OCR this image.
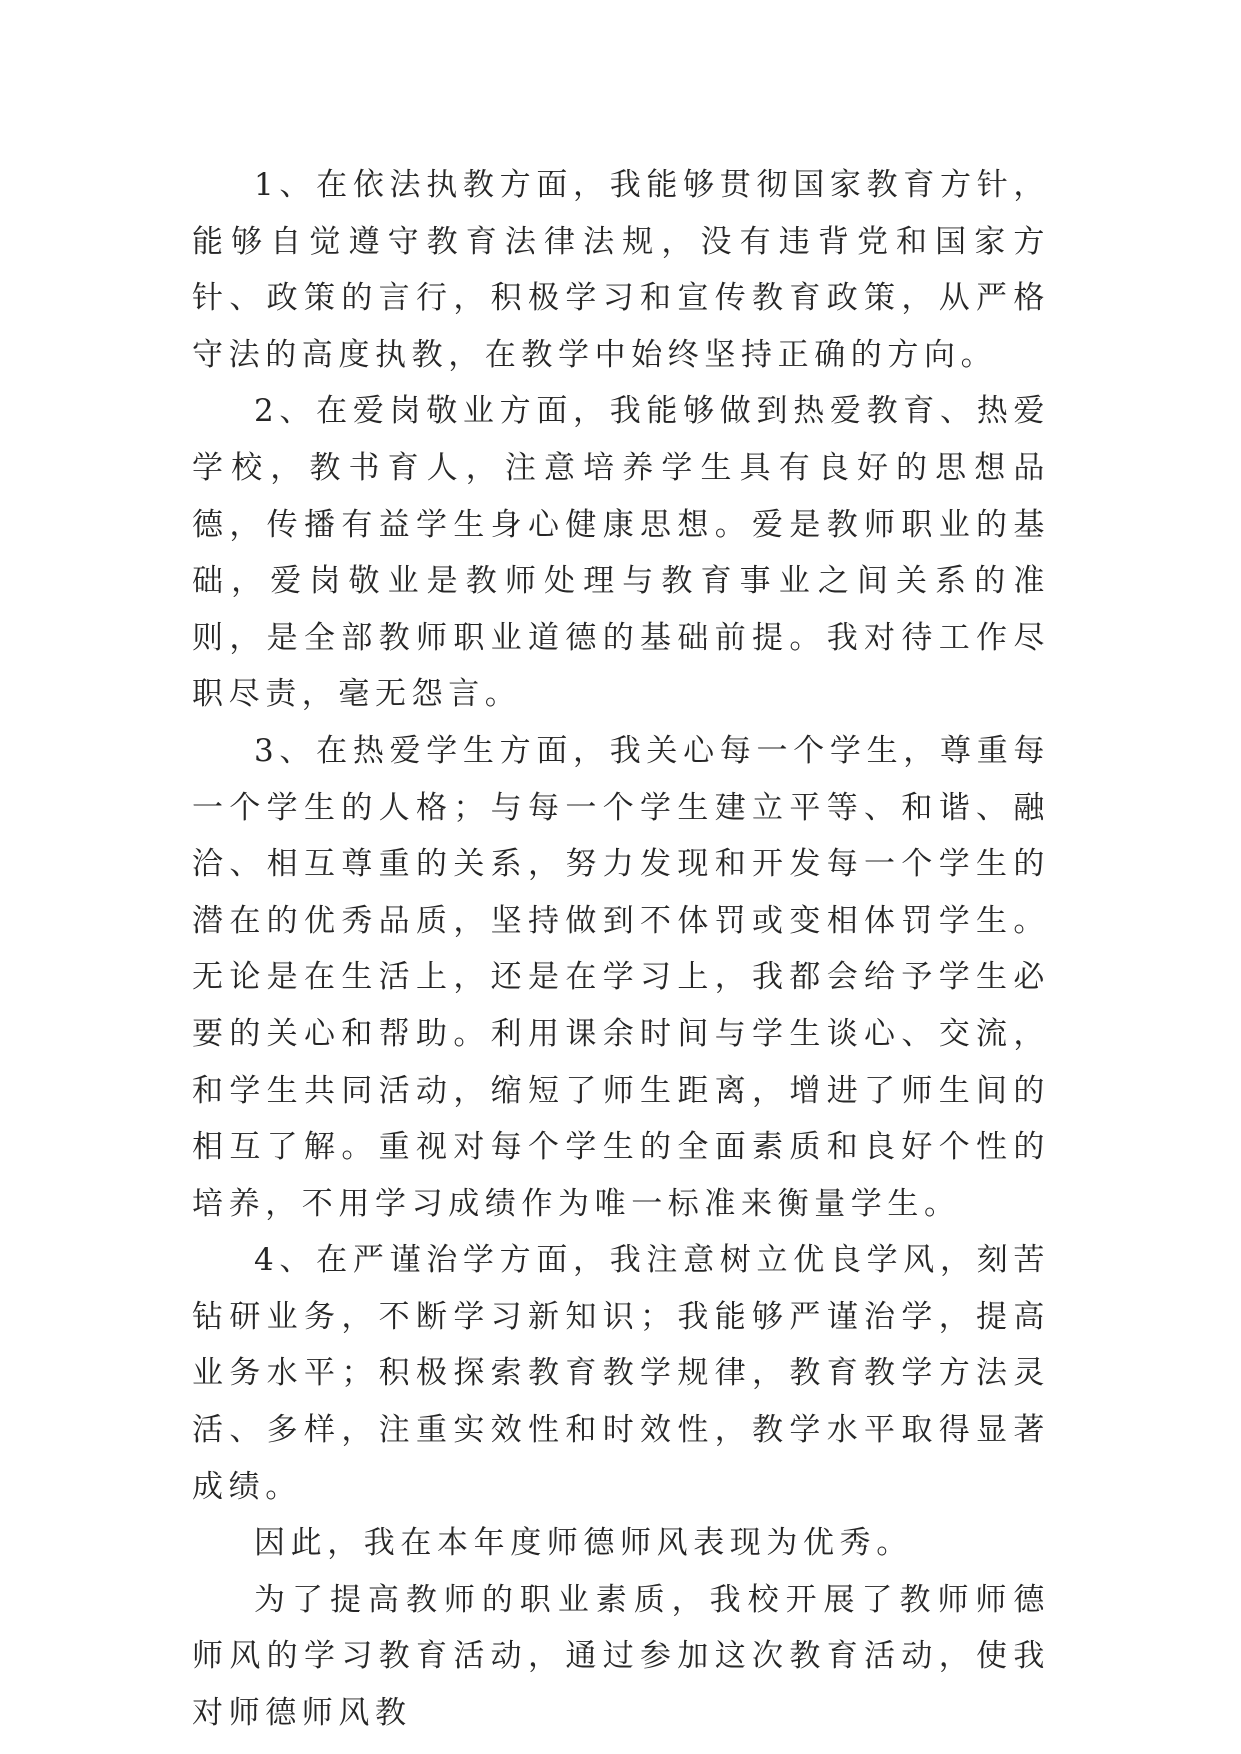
1、在依法执教方面，我能够贯彻国家教育方针，能够自觉遵守教育法律法规，没有违背党和国家方针、政策的言行，积极学习和宣传教育政策，从严格守法的高度执教，在教学中始终坚持正确的方向。

2、在爱岗敬业方面，我能够做到热爱教育、热爱学校，教书育人，注意培养学生具有良好的思想品德，传播有益学生身心健康思想。爱是教师职业的基础，爱岗敬业是教师处理与教育事业之间关系的准则，是全部教师职业道德的基础前提。我对待工作尽职尽责，毫无怨言。

3、在热爱学生方面，我关心每一个学生，尊重每一个学生的人格；与每一个学生建立平等、和谐、融洽、相互尊重的关系，努力发现和开发每一个学生的潜在的优秀品质，坚持做到不体罚或变相体罚学生。无论是在生活上，还是在学习上，我都会给予学生必要的关心和帮助。利用课余时间与学生谈心、交流，和学生共同活动，缩短了师生距离，增进了师生间的相互了解。重视对每个学生的全面素质和良好个性的培养，不用学习成绩作为唯一标准来衡量学生。

4、在严谨治学方面，我注意树立优良学风，刻苦钻研业务，不断学习新知识；我能够严谨治学，提高业务水平；积极探索教育教学规律，教育教学方法灵活、多样，注重实效性和时效性，教学水平取得显著成绩。

因此，我在本年度师德师风表现为优秀。

为了提高教师的职业素质，我校开展了教师师德师风的学习教育活动，通过参加这次教育活动，使我对师德师风教
